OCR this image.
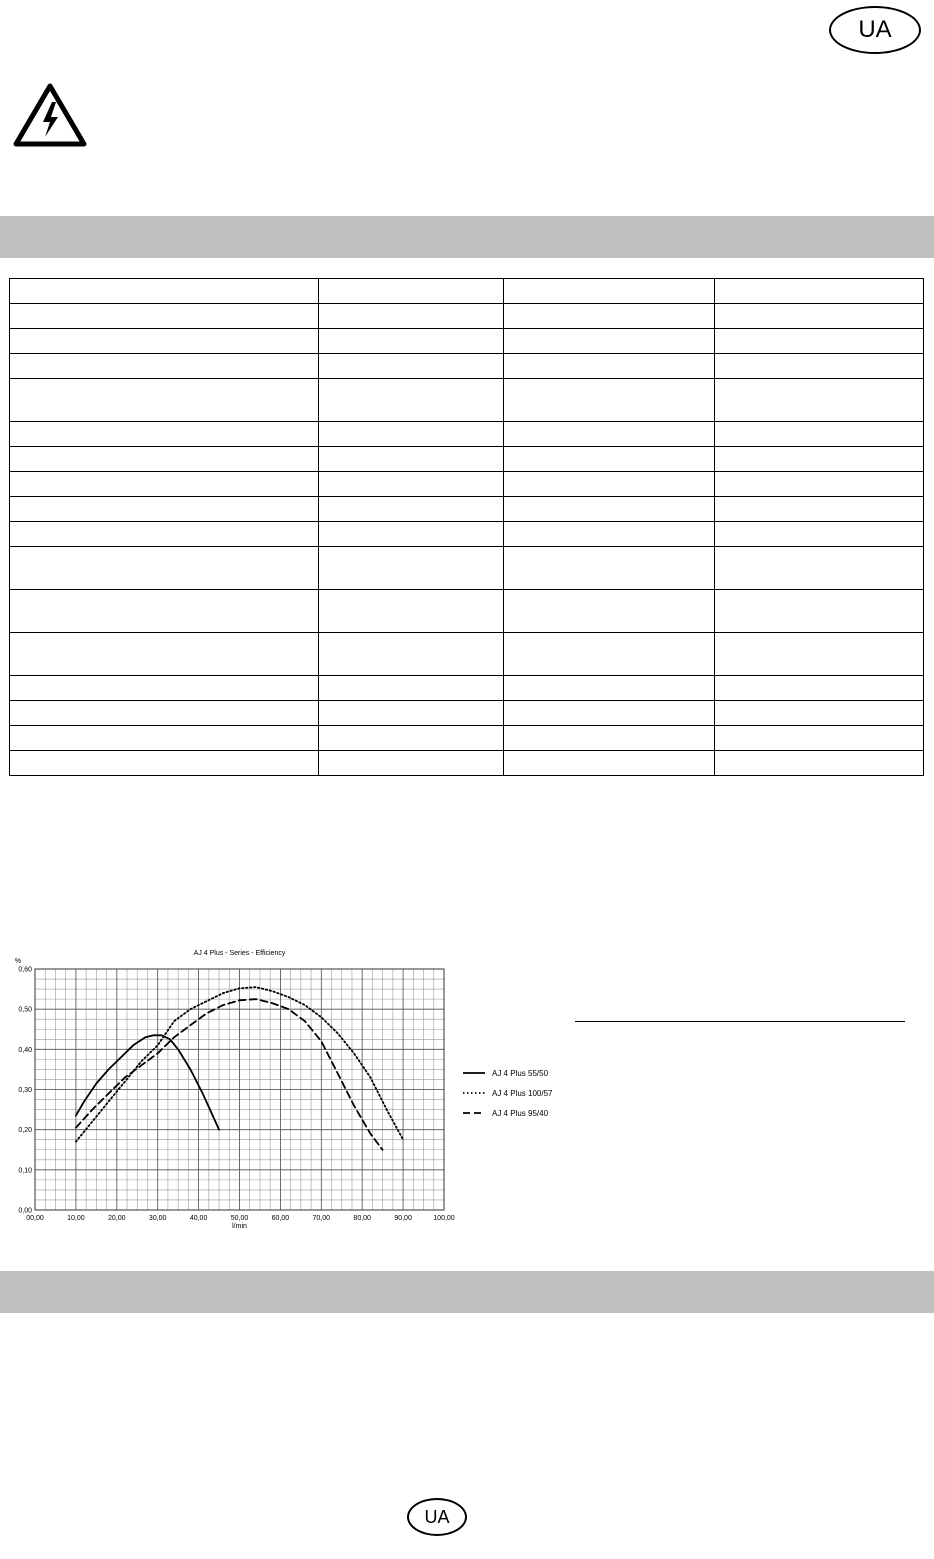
UA

00,00	10,00	20,00	30,00	40,00	50,00	60,00	70,00	80,00	90,00	100,00
0,00
0,10
0,20
0,30
0,40
0,50
0,60
AJ 4 Plus - Series - Efficiency
l/min
%
AJ 4 Plus 55/50
AJ 4 Plus 100/57
AJ 4 Plus 95/40
UA
